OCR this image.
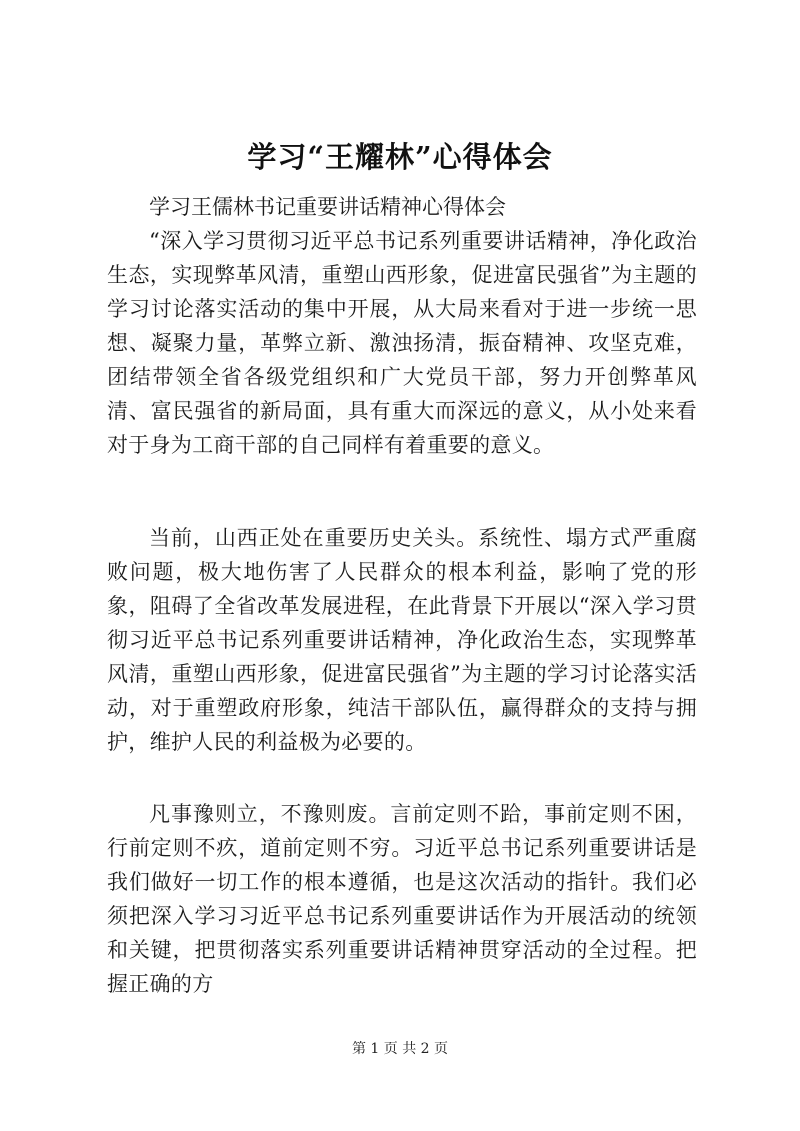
学习“王耀林”心得体会

学习王儒林书记重要讲话精神心得体会

“深入学习贯彻习近平总书记系列重要讲话精神，净化政治生态，实现弊革风清，重塑山西形象，促进富民强省”为主题的学习讨论落实活动的集中开展，从大局来看对于进一步统一思想、凝聚力量，革弊立新、激浊扬清，振奋精神、攻坚克难，团结带领全省各级党组织和广大党员干部，努力开创弊革风清、富民强省的新局面，具有重大而深远的意义，从小处来看对于身为工商干部的自己同样有着重要的意义。

当前，山西正处在重要历史关头。系统性、塌方式严重腐败问题，极大地伤害了人民群众的根本利益，影响了党的形象，阻碍了全省改革发展进程，在此背景下开展以“深入学习贯彻习近平总书记系列重要讲话精神，净化政治生态，实现弊革风清，重塑山西形象，促进富民强省”为主题的学习讨论落实活动，对于重塑政府形象，纯洁干部队伍，赢得群众的支持与拥护，维护人民的利益极为必要的。

凡事豫则立，不豫则废。言前定则不跲，事前定则不困，行前定则不疚，道前定则不穷。习近平总书记系列重要讲话是我们做好一切工作的根本遵循，也是这次活动的指针。我们必须把深入学习习近平总书记系列重要讲话作为开展活动的统领和关键，把贯彻落实系列重要讲话精神贯穿活动的全过程。把握正确的方

第 1 页 共 2 页
